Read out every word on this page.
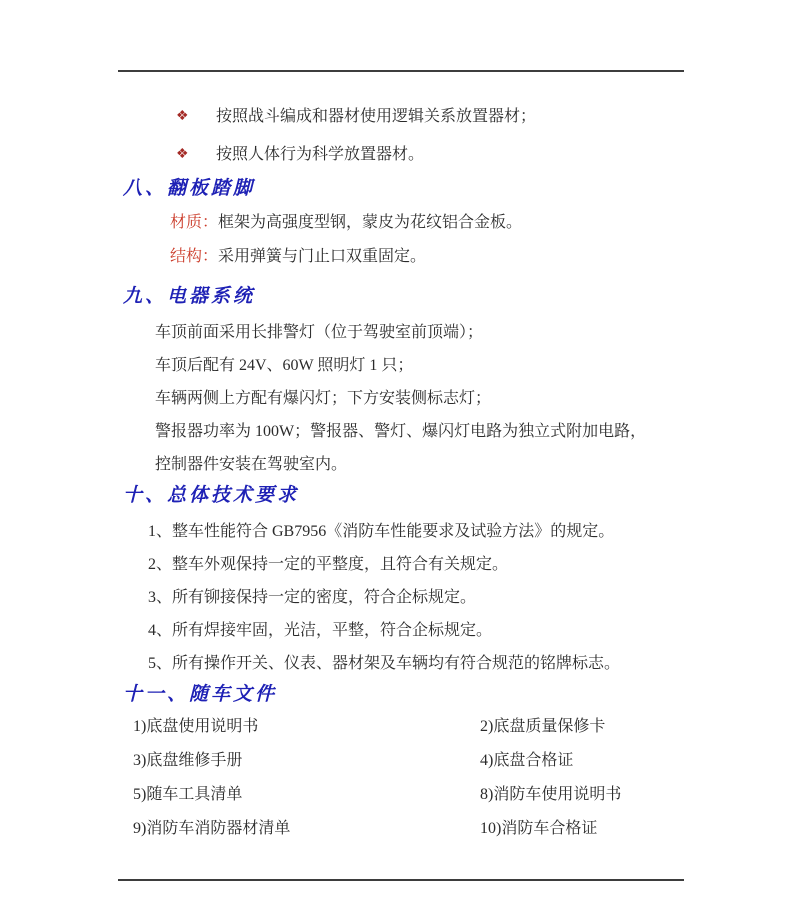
❖	按照战斗编成和器材使用逻辑关系放置器材；
❖	按照人体行为科学放置器材。
八、翻板踏脚

材质：框架为高强度型钢，蒙皮为花纹铝合金板。

结构：采用弹簧与门止口双重固定。

九、电器系统

车顶前面采用长排警灯（位于驾驶室前顶端）；

车顶后配有 24V、60W 照明灯 1 只；

车辆两侧上方配有爆闪灯；下方安装侧标志灯；

警报器功率为 100W；警报器、警灯、爆闪灯电路为独立式附加电路，

控制器件安装在驾驶室内。

十、总体技术要求

1、整车性能符合 GB7956《消防车性能要求及试验方法》的规定。

2、整车外观保持一定的平整度，且符合有关规定。

3、所有铆接保持一定的密度，符合企标规定。

4、所有焊接牢固，光洁，平整，符合企标规定。

5、所有操作开关、仪表、器材架及车辆均有符合规范的铭牌标志。

十一、随车文件
1)底盘使用说明书	2)底盘质量保修卡
3)底盘维修手册	4)底盘合格证
5)随车工具清单	8)消防车使用说明书
9)消防车消防器材清单	10)消防车合格证
